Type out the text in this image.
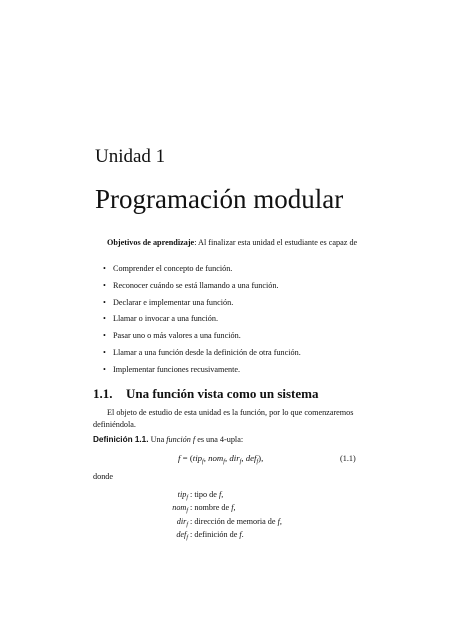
Unidad 1
Programación modular
Objetivos de aprendizaje: Al finalizar esta unidad el estudiante es capaz de
• Comprender el concepto de función.
• Reconocer cuándo se está llamando a una función.
• Declarar e implementar una función.
• Llamar o invocar a una función.
• Pasar uno o más valores a una función.
• Llamar a una función desde la definición de otra función.
• Implementar funciones recusivamente.
1.1. Una función vista como un sistema
El objeto de estudio de esta unidad es la función, por lo que comenzaremos definiéndola.
Definición 1.1. Una función f es una 4-upla:
f = (tip$_f$, nom$_f$, dir$_f$, def$_f$),	(1.1)
donde
tip$_f$ : tipo de f,
nom$_f$ : nombre de f,
dir$_f$ : dirección de memoria de f,
def$_f$ : definición de f.
